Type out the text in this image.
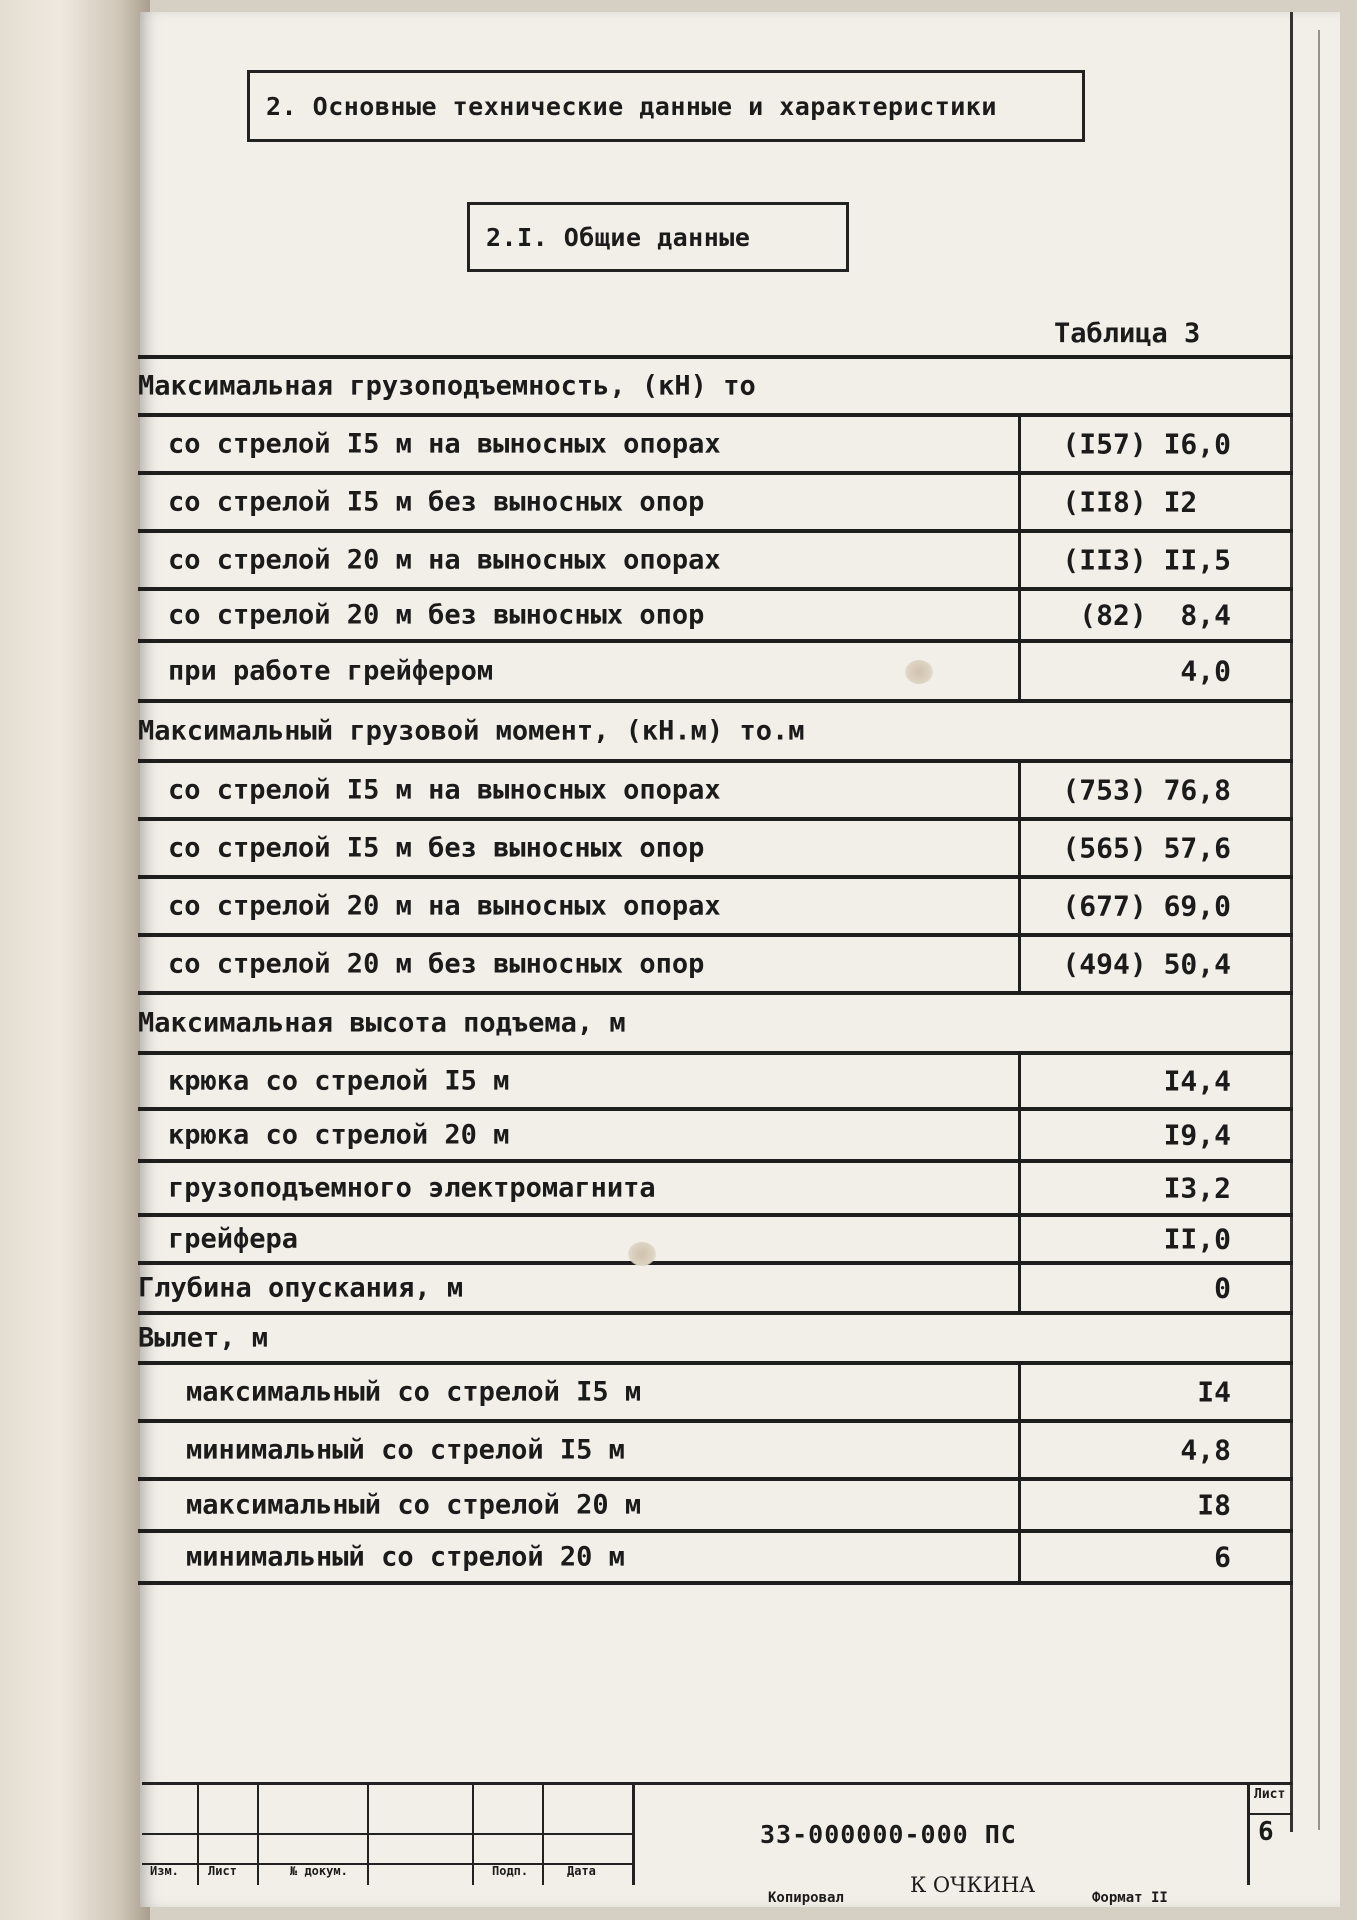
2. Основные технические данные и характеристики
2.I. Общие данные
Таблица 3
Максимальная грузоподъемность, (кН) то
со стрелой I5 м на выносных опорах	(I57) I6,0
со стрелой I5 м без выносных опор	(II8) I2
со стрелой 20 м на выносных опорах	(II3) II,5
со стрелой 20 м без выносных опор	(82)  8,4
при работе грейфером	4,0
Максимальный грузовой момент, (кН.м) то.м
со стрелой I5 м на выносных опорах	(753) 76,8
со стрелой I5 м без выносных опор	(565) 57,6
со стрелой 20 м на выносных опорах	(677) 69,0
со стрелой 20 м без выносных опор	(494) 50,4
Максимальная высота подъема, м
крюка со стрелой I5 м	I4,4
крюка со стрелой 20 м	I9,4
грузоподъемного электромагнита	I3,2
грейфера	II,0
Глубина опускания, м	0
Вылет, м
максимальный со стрелой I5 м	I4
минимальный со стрелой I5 м	4,8
максимальный со стрелой 20 м	I8
минимальный со стрелой 20 м	6
Изм. Лист	№ докум.	Подп.	Дата
33-000000-000 ПС
Лист
6
Копировал
К ОЧКИНА
Формат II
